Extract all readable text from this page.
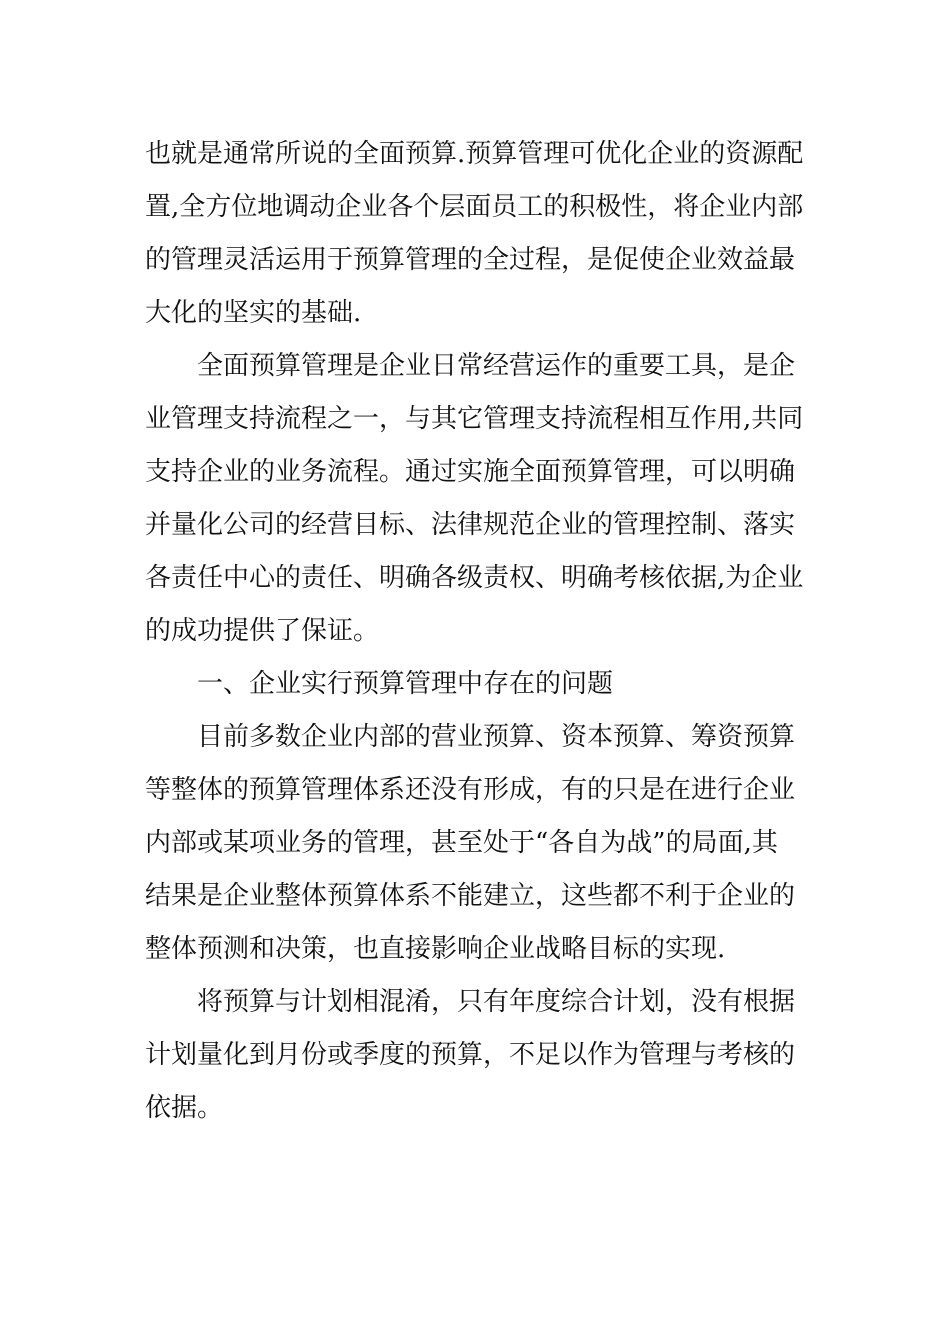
也就是通常所说的全面预算.预算管理可优化企业的资源配
置,全方位地调动企业各个层面员工的积极性，将企业内部
的管理灵活运用于预算管理的全过程，是促使企业效益最
大化的坚实的基础.
　　全面预算管理是企业日常经营运作的重要工具，是企
业管理支持流程之一，与其它管理支持流程相互作用,共同
支持企业的业务流程。通过实施全面预算管理，可以明确
并量化公司的经营目标、法律规范企业的管理控制、落实
各责任中心的责任、明确各级责权、明确考核依据,为企业
的成功提供了保证。
　　一、企业实行预算管理中存在的问题
　　目前多数企业内部的营业预算、资本预算、筹资预算
等整体的预算管理体系还没有形成，有的只是在进行企业
内部或某项业务的管理，甚至处于“各自为战”的局面,其
结果是企业整体预算体系不能建立，这些都不利于企业的
整体预测和决策，也直接影响企业战略目标的实现.
　　将预算与计划相混淆，只有年度综合计划，没有根据
计划量化到月份或季度的预算，不足以作为管理与考核的
依据。
